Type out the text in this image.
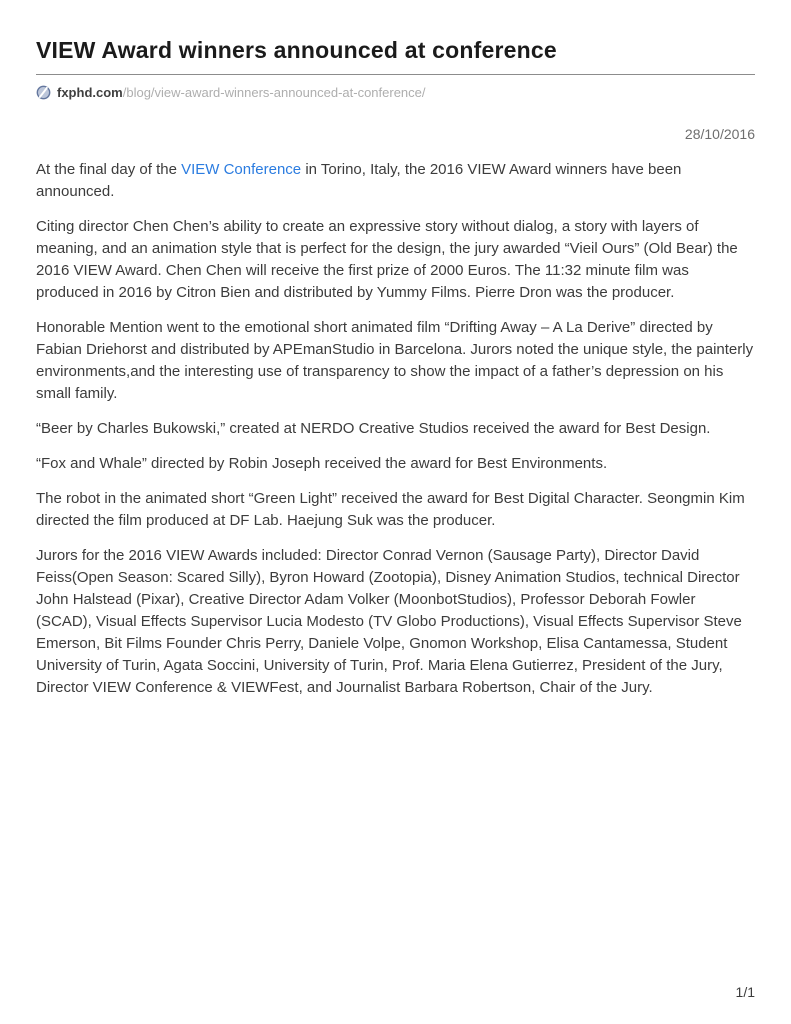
VIEW Award winners announced at conference
fxphd.com /blog/view-award-winners-announced-at-conference/
28/10/2016

At the final day of the VIEW Conference in Torino, Italy, the 2016 VIEW Award winners have been announced.

Citing director Chen Chen’s ability to create an expressive story without dialog, a story with layers of meaning, and an animation style that is perfect for the design, the jury awarded “Vieil Ours” (Old Bear) the 2016 VIEW Award. Chen Chen will receive the first prize of 2000 Euros. The 11:32 minute film was produced in 2016 by Citron Bien and distributed by Yummy Films. Pierre Dron was the producer.

Honorable Mention went to the emotional short animated film “Drifting Away – A La Derive” directed by Fabian Driehorst and distributed by APEmanStudio in Barcelona. Jurors noted the unique style, the painterly environments,and the interesting use of transparency to show the impact of a father’s depression on his small family.

“Beer by Charles Bukowski,” created at NERDO Creative Studios received the award for Best Design.

“Fox and Whale” directed by Robin Joseph received the award for Best Environments.

The robot in the animated short “Green Light” received the award for Best Digital Character. Seongmin Kim directed the film produced at DF Lab. Haejung Suk was the producer.

Jurors for the 2016 VIEW Awards included: Director Conrad Vernon (Sausage Party), Director David Feiss(Open Season: Scared Silly), Byron Howard (Zootopia), Disney Animation Studios, technical Director John Halstead (Pixar), Creative Director Adam Volker (MoonbotStudios), Professor Deborah Fowler (SCAD), Visual Effects Supervisor Lucia Modesto (TV Globo Productions), Visual Effects Supervisor Steve Emerson, Bit Films Founder Chris Perry, Daniele Volpe, Gnomon Workshop, Elisa Cantamessa, Student University of Turin, Agata Soccini, University of Turin, Prof. Maria Elena Gutierrez, President of the Jury, Director VIEW Conference & VIEWFest, and Journalist Barbara Robertson, Chair of the Jury.

1/1
